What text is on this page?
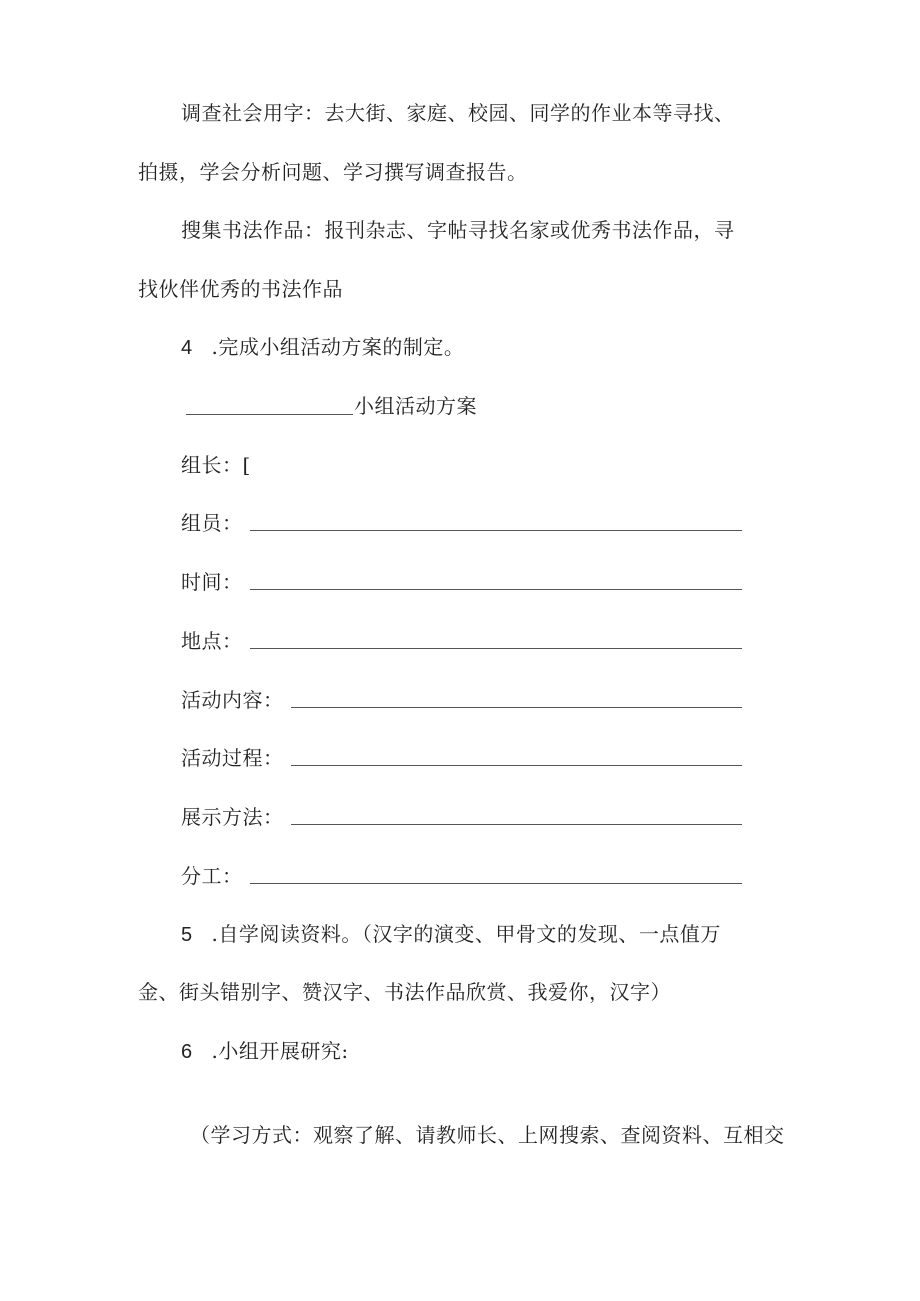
调查社会用字：去大街、家庭、校园、同学的作业本等寻找、
拍摄，学会分析问题、学习撰写调查报告。
搜集书法作品：报刊杂志、字帖寻找名家或优秀书法作品，寻
找伙伴优秀的书法作品
4 .完成小组活动方案的制定。
小组活动方案
组长：[
组员：
时间：
地点：
活动内容：
活动过程：
展示方法：
分工：
5 .自学阅读资料。（汉字的演变、甲骨文的发现、一点值万
金、街头错别字、赞汉字、书法作品欣赏、我爱你，汉字）
6 .小组开展研究:
（学习方式：观察了解、请教师长、上网搜索、查阅资料、互相交
